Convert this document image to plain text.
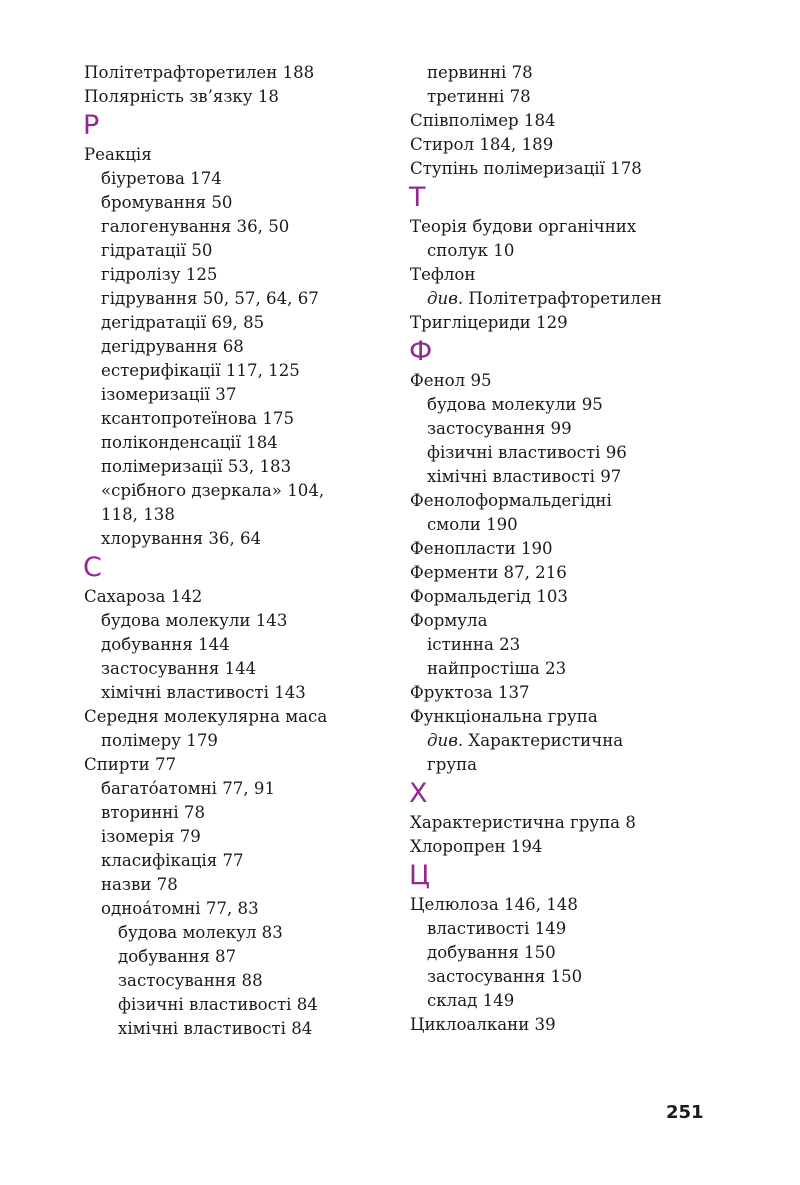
Політетрафторетилен 188
Полярність зв’язку 18
Р
Реакція
біуретова 174
бромування 50
галогенування 36, 50
гідратації 50
гідролізу 125
гідрування 50, 57, 64, 67
дегідратації 69, 85
дегідрування 68
естерифікації 117, 125
ізомеризації 37
ксантопротеїнова 175
поліконденсації 184
полімеризації 53, 183
«срібного дзеркала» 104,
118, 138
хлорування 36, 64
С
Сахароза 142
будова молекули 143
добування 144
застосування 144
хімічні властивості 143
Середня молекулярна маса
полімеру 179
Спирти 77
багато́атомні 77, 91
вторинні 78
ізомерія 79
класифікація 77
назви 78
одноа́томні 77, 83
будова молекул 83
добування 87
застосування 88
фізичні властивості 84
хімічні властивості 84
первинні 78
третинні 78
Співполімер 184
Стирол 184, 189
Ступінь полімеризації 178
Т
Теорія будови органічних
сполук 10
Тефлон
див. Політетрафторетилен
Тригліцериди 129
Ф
Фенол 95
будова молекули 95
застосування 99
фізичні властивості 96
хімічні властивості 97
Фенолоформальдегідні
смоли 190
Фенопласти 190
Ферменти 87, 216
Формальдегід 103
Формула
істинна 23
найпростіша 23
Фруктоза 137
Функціональна група
див. Характеристична
група
Х
Характеристична група 8
Хлоропрен 194
Ц
Целюлоза 146, 148
властивості 149
добування 150
застосування 150
склад 149
Циклоалкани 39
251
